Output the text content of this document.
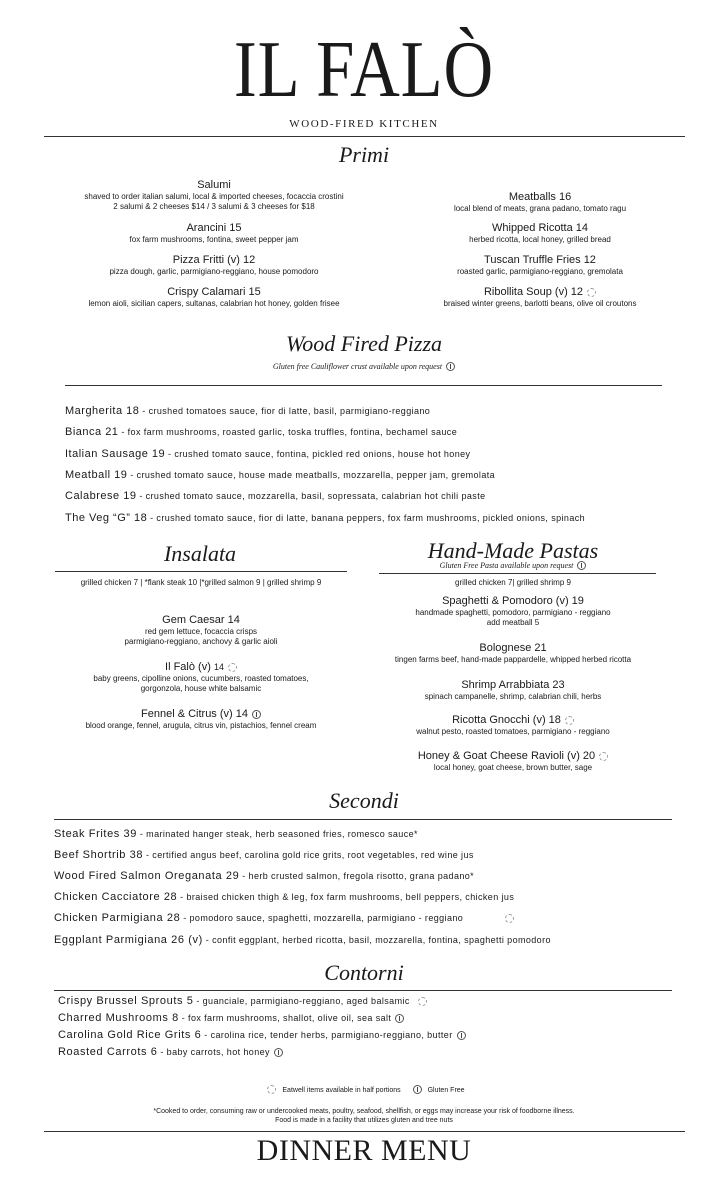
IL FALÒ
WOOD-FIRED KITCHEN
Primi
Salumi
shaved to order italian salumi, local & imported cheeses, focaccia crostini
2 salumi & 2 cheeses $14 / 3 salumi & 3 cheeses for $18
Arancini 15
fox farm mushrooms, fontina, sweet pepper jam
Pizza Fritti (v) 12
pizza dough, garlic, parmigiano-reggiano, house pomodoro
Crispy Calamari 15
lemon aioli, sicilian capers, sultanas, calabrian hot honey, golden frisee
Meatballs 16
local blend of meats, grana padano, tomato ragu
Whipped Ricotta 14
herbed ricotta, local honey, grilled bread
Tuscan Truffle Fries 12
roasted garlic, parmigiano-reggiano, gremolata
Ribollita Soup (v) 12
braised winter greens, barlotti beans, olive oil croutons
Wood Fired Pizza
Gluten free Cauliflower crust available upon request
Margherita 18 - crushed tomatoes sauce, fior di latte, basil, parmigiano-reggiano
Bianca 21 - fox farm mushrooms, roasted garlic, toska truffles, fontina, bechamel sauce
Italian Sausage 19 - crushed tomato sauce, fontina, pickled red onions, house hot honey
Meatball 19 - crushed tomato sauce, house made meatballs, mozzarella, pepper jam, gremolata
Calabrese 19 - crushed tomato sauce, mozzarella, basil, sopressata, calabrian hot chili paste
The Veg “G” 18 - crushed tomato sauce, fior di latte, banana peppers, fox farm mushrooms, pickled onions, spinach
Insalata
grilled chicken 7 | *flank steak 10 |*grilled salmon 9 | grilled shrimp 9
Gem Caesar 14
red gem lettuce, focaccia crisps
parmigiano-reggiano, anchovy & garlic aioli
Il Falò (v) 14
baby greens, cipolline onions, cucumbers, roasted tomatoes,
gorgonzola, house white balsamic
Fennel & Citrus (v) 14
blood orange, fennel, arugula, citrus vin, pistachios, fennel cream
Hand-Made Pastas
Gluten Free Pasta available upon request
grilled chicken 7| grilled shrimp 9
Spaghetti & Pomodoro (v) 19
handmade spaghetti, pomodoro, parmigiano - reggiano
add meatball 5
Bolognese 21
tingen farms beef, hand-made pappardelle, whipped herbed ricotta
Shrimp Arrabbiata 23
spinach campanelle, shrimp, calabrian chili, herbs
Ricotta Gnocchi (v) 18
walnut pesto, roasted tomatoes, parmigiano - reggiano
Honey & Goat Cheese Ravioli (v) 20
local honey, goat cheese, brown butter, sage
Secondi
Steak Frites 39 - marinated hanger steak, herb seasoned fries, romesco sauce*
Beef Shortrib 38 - certified angus beef, carolina gold rice grits, root vegetables, red wine jus
Wood Fired Salmon Oreganata 29 - herb crusted salmon, fregola risotto, grana padano*
Chicken Cacciatore 28 - braised chicken thigh & leg, fox farm mushrooms, bell peppers, chicken jus
Chicken Parmigiana 28 - pomodoro sauce, spaghetti, mozzarella, parmigiano - reggiano
Eggplant Parmigiana 26 (v) - confit eggplant, herbed ricotta, basil, mozzarella, fontina, spaghetti pomodoro
Contorni
Crispy Brussel Sprouts 5 - guanciale, parmigiano-reggiano, aged balsamic
Charred Mushrooms 8 - fox farm mushrooms, shallot, olive oil, sea salt
Carolina Gold Rice Grits 6 - carolina rice, tender herbs, parmigiano-reggiano, butter
Roasted Carrots 6 - baby carrots, hot honey
Eatwell items available in half portions	Gluten Free
*Cooked to order, consuming raw or undercooked meats, poultry, seafood, shellfish, or eggs may increase your risk of foodborne illness.
Food is made in a facility that utilizes gluten and tree nuts
DINNER MENU
